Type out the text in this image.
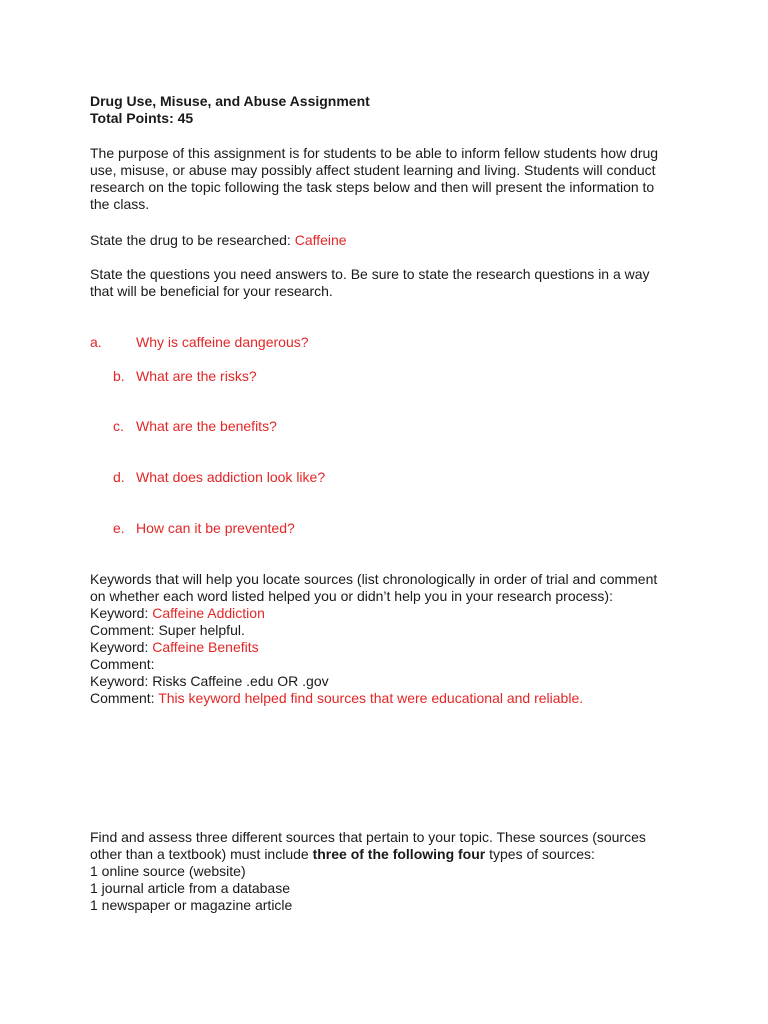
Drug Use, Misuse, and Abuse Assignment
Total Points: 45
The purpose of this assignment is for students to be able to inform fellow students how drug
use, misuse, or abuse may possibly affect student learning and living. Students will conduct
research on the topic following the task steps below and then will present the information to
the class.
State the drug to be researched: Caffeine
State the questions you need answers to. Be sure to state the research questions in a way
that will be beneficial for your research.
a. Why is caffeine dangerous?
b. What are the risks?
c. What are the benefits?
d. What does addiction look like?
e. How can it be prevented?
Keywords that will help you locate sources (list chronologically in order of trial and comment
on whether each word listed helped you or didn’t help you in your research process):
Keyword: Caffeine Addiction
Comment: Super helpful.
Keyword: Caffeine Benefits
Comment:
Keyword: Risks Caffeine .edu OR .gov
Comment: This keyword helped find sources that were educational and reliable.
Find and assess three different sources that pertain to your topic. These sources (sources
other than a textbook) must include three of the following four types of sources:
1 online source (website)
1 journal article from a database
1 newspaper or magazine article
